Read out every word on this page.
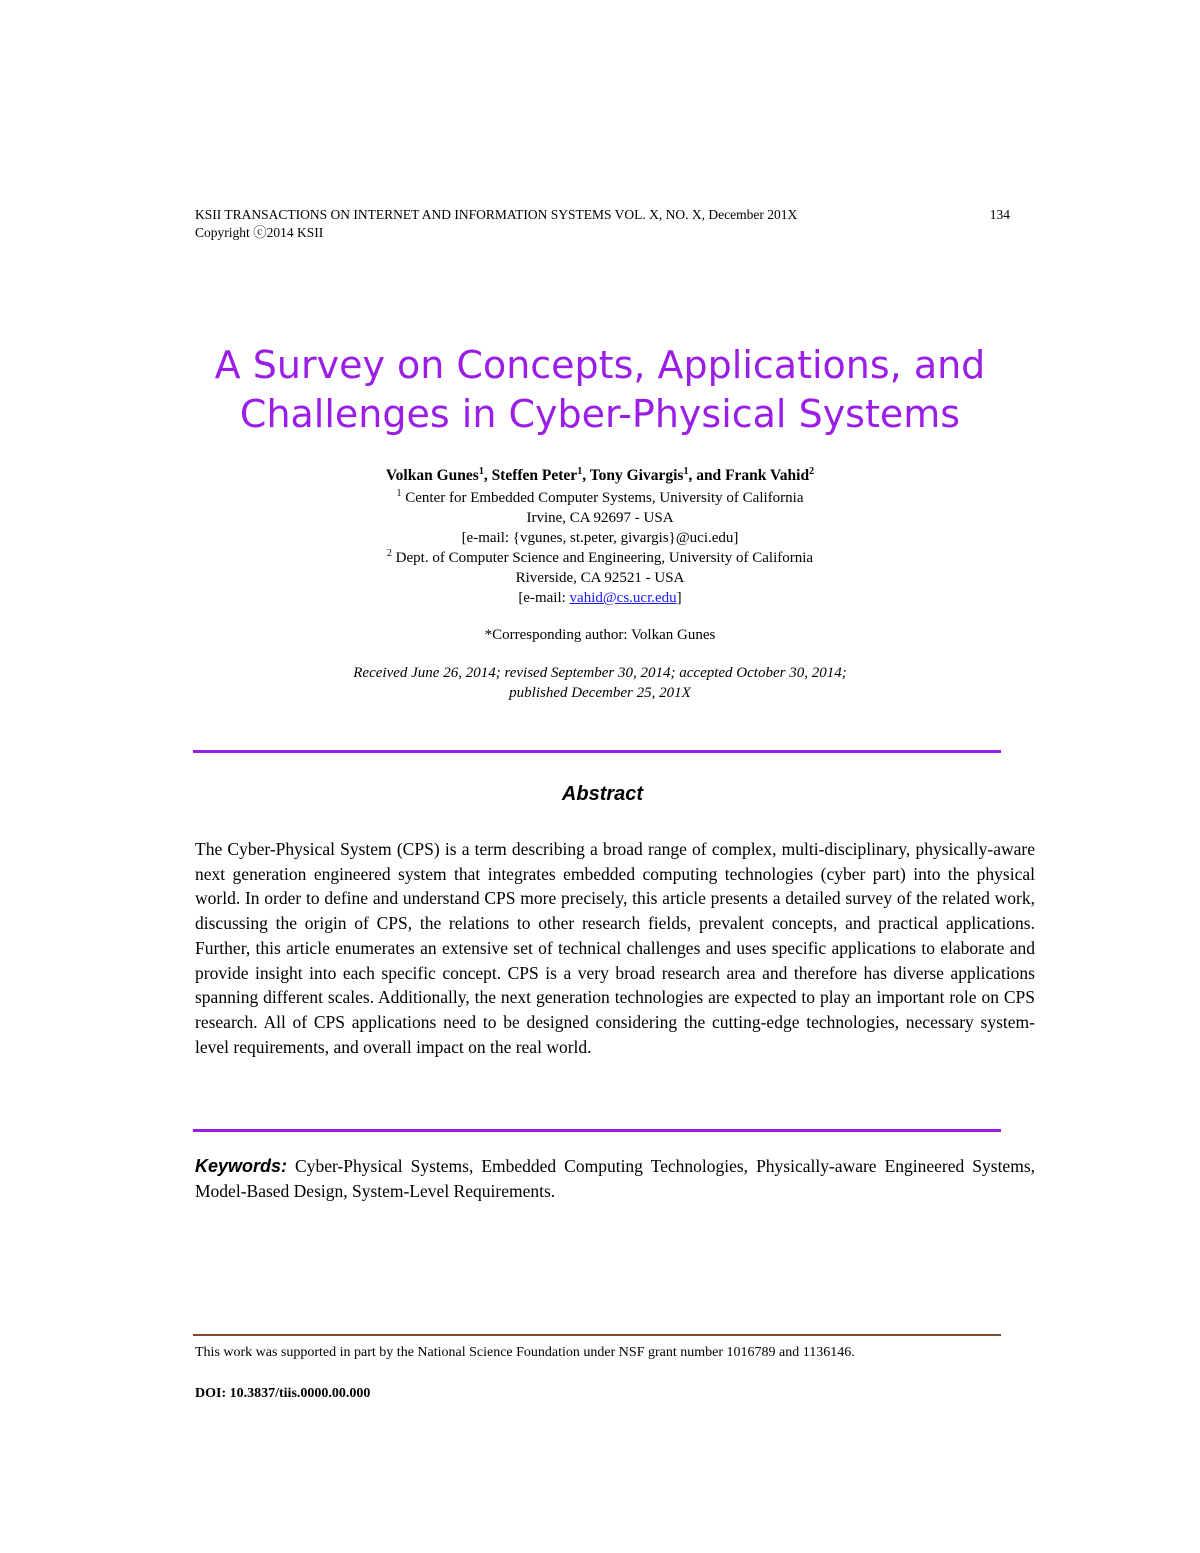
KSII TRANSACTIONS ON INTERNET AND INFORMATION SYSTEMS VOL. X, NO. X, December 201X	134
Copyright ⓒ2014 KSII
A Survey on Concepts, Applications, and
Challenges in Cyber-Physical Systems
Volkan Gunes$^1$, Steffen Peter$^1$, Tony Givargis$^1$, and Frank Vahid$^2$
$^1$ Center for Embedded Computer Systems, University of California
Irvine, CA 92697 - USA
[e-mail: {vgunes, st.peter, givargis}@uci.edu]
$^2$ Dept. of Computer Science and Engineering, University of California
Riverside, CA 92521 - USA
[e-mail: vahid@cs.ucr.edu]
*Corresponding author: Volkan Gunes
Received June 26, 2014; revised September 30, 2014; accepted October 30, 2014;
published December 25, 201X
Abstract
The Cyber-Physical System (CPS) is a term describing a broad range of complex, multi-disciplinary, physically-aware next generation engineered system that integrates embedded computing technologies (cyber part) into the physical world. In order to define and understand CPS more precisely, this article presents a detailed survey of the related work, discussing the origin of CPS, the relations to other research fields, prevalent concepts, and practical applications. Further, this article enumerates an extensive set of technical challenges and uses specific applications to elaborate and provide insight into each specific concept. CPS is a very broad research area and therefore has diverse applications spanning different scales. Additionally, the next generation technologies are expected to play an important role on CPS research. All of CPS applications need to be designed considering the cutting-edge technologies, necessary system-level requirements, and overall impact on the real world.
Keywords: Cyber-Physical Systems, Embedded Computing Technologies, Physically-aware Engineered Systems, Model-Based Design, System-Level Requirements.
This work was supported in part by the National Science Foundation under NSF grant number 1016789 and 1136146.
DOI: 10.3837/tiis.0000.00.000
